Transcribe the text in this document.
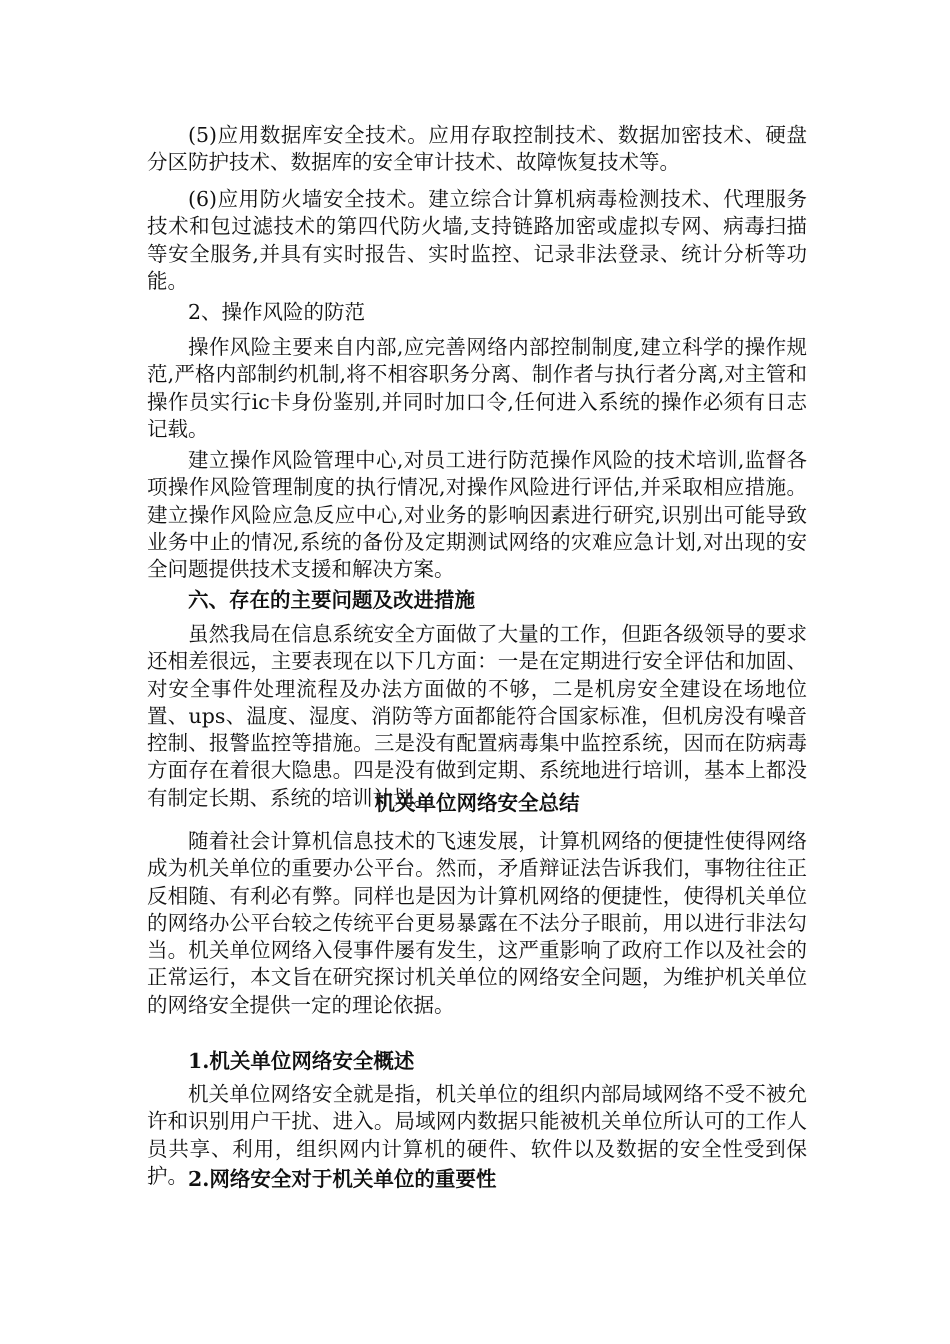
(5)应用数据库安全技术。应用存取控制技术、数据加密技术、硬盘分区防护技术、数据库的安全审计技术、故障恢复技术等。

(6)应用防火墙安全技术。建立综合计算机病毒检测技术、代理服务技术和包过滤技术的第四代防火墙,支持链路加密或虚拟专网、病毒扫描等安全服务,并具有实时报告、实时监控、记录非法登录、统计分析等功能。

2、操作风险的防范

操作风险主要来自内部,应完善网络内部控制制度,建立科学的操作规范,严格内部制约机制,将不相容职务分离、制作者与执行者分离,对主管和操作员实行ic卡身份鉴别,并同时加口令,任何进入系统的操作必须有日志记载。

建立操作风险管理中心,对员工进行防范操作风险的技术培训,监督各项操作风险管理制度的执行情况,对操作风险进行评估,并采取相应措施。建立操作风险应急反应中心,对业务的影响因素进行研究,识别出可能导致业务中止的情况,系统的备份及定期测试网络的灾难应急计划,对出现的安全问题提供技术支援和解决方案。

六、存在的主要问题及改进措施

虽然我局在信息系统安全方面做了大量的工作，但距各级领导的要求还相差很远，主要表现在以下几方面：一是在定期进行安全评估和加固、对安全事件处理流程及办法方面做的不够，二是机房安全建设在场地位置、ups、温度、湿度、消防等方面都能符合国家标准，但机房没有噪音控制、报警监控等措施。三是没有配置病毒集中监控系统，因而在防病毒方面存在着很大隐患。四是没有做到定期、系统地进行培训，基本上都没有制定长期、系统的培训计划。

机关单位网络安全总结

随着社会计算机信息技术的飞速发展，计算机网络的便捷性使得网络成为机关单位的重要办公平台。然而，矛盾辩证法告诉我们，事物往往正反相随、有利必有弊。同样也是因为计算机网络的便捷性，使得机关单位的网络办公平台较之传统平台更易暴露在不法分子眼前，用以进行非法勾当。机关单位网络入侵事件屡有发生，这严重影响了政府工作以及社会的正常运行，本文旨在研究探讨机关单位的网络安全问题，为维护机关单位的网络安全提供一定的理论依据。

1.机关单位网络安全概述

机关单位网络安全就是指，机关单位的组织内部局域网络不受不被允许和识别用户干扰、进入。局域网内数据只能被机关单位所认可的工作人员共享、利用，组织网内计算机的硬件、软件以及数据的安全性受到保护。 2.网络安全对于机关单位的重要性
